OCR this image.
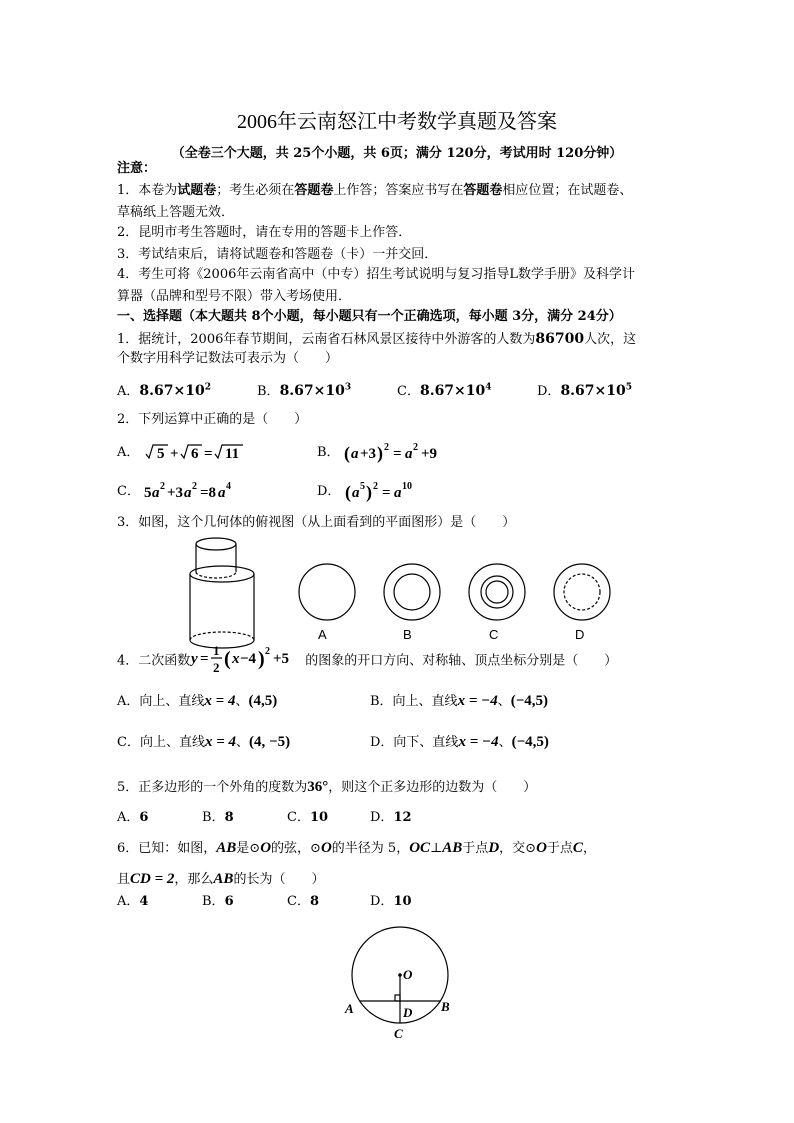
2006年云南怒江中考数学真题及答案
（全卷三个大题，共 25个小题，共 6页；满分 120分，考试用时 120分钟）
注意：
1．本卷为试题卷；考生必须在答题卷上作答；答案应书写在答题卷相应位置；在试题卷、
草稿纸上答题无效．
2．昆明市考生答题时，请在专用的答题卡上作答．
3．考试结束后，请将试题卷和答题卷（卡）一并交回．
4．考生可将《2006年云南省高中（中专）招生考试说明与复习指导L数学手册》及科学计
算器（品牌和型号不限）带入考场使用．
一、选择题（本大题共 8个小题，每小题只有一个正确选项，每小题 3分，满分 24分）
1．据统计，2006年春节期间，云南省石林风景区接待中外游客的人数为86700人次，这
个数字用科学记数法可表示为（　　）
A．$8.67\times 10^2$	B．$8.67\times 10^3$	C．$8.67\times 10^4$	D．$8.67\times 10^5$
2．下列运算中正确的是（　　）
A． 5 + 6 = 11	B． ( a +3 ) 2 = a 2 +9
C． 5 a 2 +3 a 2 =8 a 4	D． ( a 5 ) 2 = a 10
3．如图，这个几何体的俯视图（从上面看到的平面图形）是（　　）
A	B	C	D
4．二次函数 y =
1
2 ( x −4 ) 2 +5 的图象的开口方向、对称轴、顶点坐标分别是（　　）
A．向上、直线x = 4、(4,5)	B．向上、直线x = −4、(−4,5)
C．向上、直线x = 4、(4, −5)	D．向下、直线x = −4、(−4,5)
5．正多边形的一个外角的度数为36°，则这个正多边形的边数为（　　）
A．6	B．8	C．10	D．12
6．已知：如图，AB是⊙O的弦，⊙O的半径为 5，OC⊥AB于点D，交⊙O于点C，
且CD = 2，那么AB的长为（　　）
A．4	B．6	C．8	D．10
O
A	B
D
C
